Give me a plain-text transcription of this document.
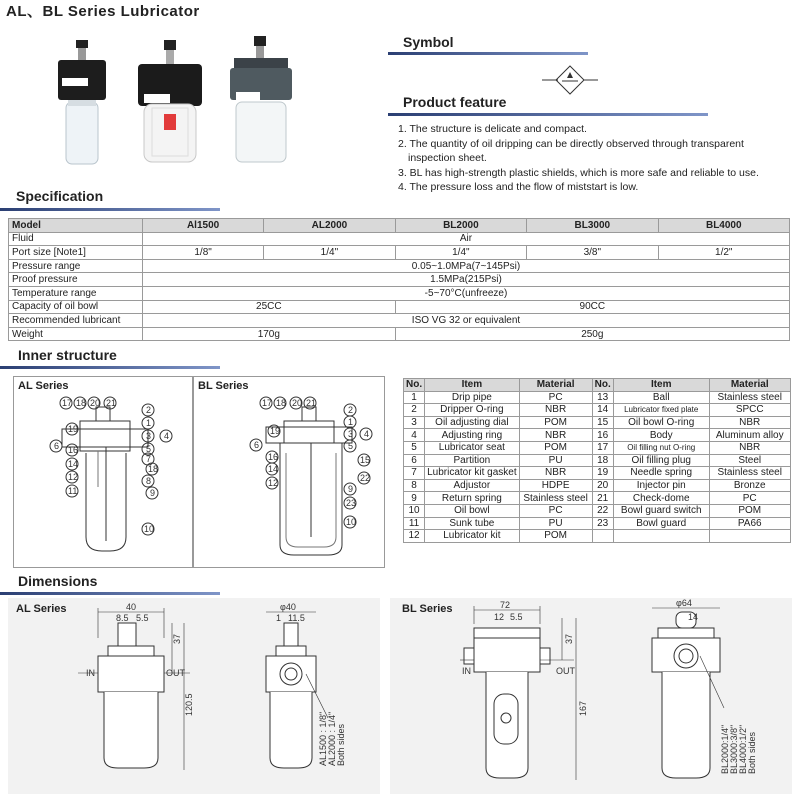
AL、BL Series Lubricator
Symbol
Product feature
1. The structure is delicate and compact.
2. The quantity of oil dripping can be directly observed through transparent
inspection sheet.
3. BL has high-strength plastic shields, which is more safe and reliable to use.
4. The pressure loss and the flow of miststart is low.
Specification
Model	Al1500	AL2000	BL2000	BL3000	BL4000
Fluid	Air				
Port size [Note1]	1/8"	1/4"	1/4"	3/8"	1/2"
Pressure range	0.05~1.0MPa(7~145Psi)				
Proof pressure	1.5MPa(215Psi)				
Temperature range	-5~70°C(unfreeze)				
Capacity of oil bowl	25CC		90CC		
Recommended lubricant	ISO VG 32 or equivalent				
Weight	170g		250g		
Inner structure
AL Series
17 18 20 21
2
1
3
5
4
7
18
8
9
6
19
16
14
12
11
10
BL Series
17 18 20 21
2
1
3
5
4
15
22
9
23
10
19
6
16
14
12
No.	Item	Material	No.	Item	Material
1	Drip pipe	PC	13	Ball	Stainless steel
2	Dripper O-ring	NBR	14	Lubricator fixed plate	SPCC
3	Oil adjusting dial	POM	15	Oil bowl O-ring	NBR
4	Adjusting ring	NBR	16	Body	Aluminum alloy
5	Lubricator seat	POM	17	Oil filling nut O-ring	NBR
6	Partition	PU	18	Oil filling plug	Steel
7	Lubricator kit gasket	NBR	19	Needle spring	Stainless steel
8	Adjustor	HDPE	20	Injector pin	Bronze
9	Return spring	Stainless steel	21	Check-dome	PC
10	Oil bowl	PC	22	Bowl guard switch	POM
11	Sunk tube	PU	23	Bowl guard	PA66
12	Lubricator kit	POM			
Dimensions
AL Series	40
8.5 5.5
IN	OUT
φ40
1 11.5
37
120.5
AL1500 : 1/8" AL2000 : 1/4" Both sides
BL Series	72
12 5.5
IN	OUT
φ64
14
37
167
BL2000:1/4" BL3000:3/8" BL4000:1/2" Both sides
